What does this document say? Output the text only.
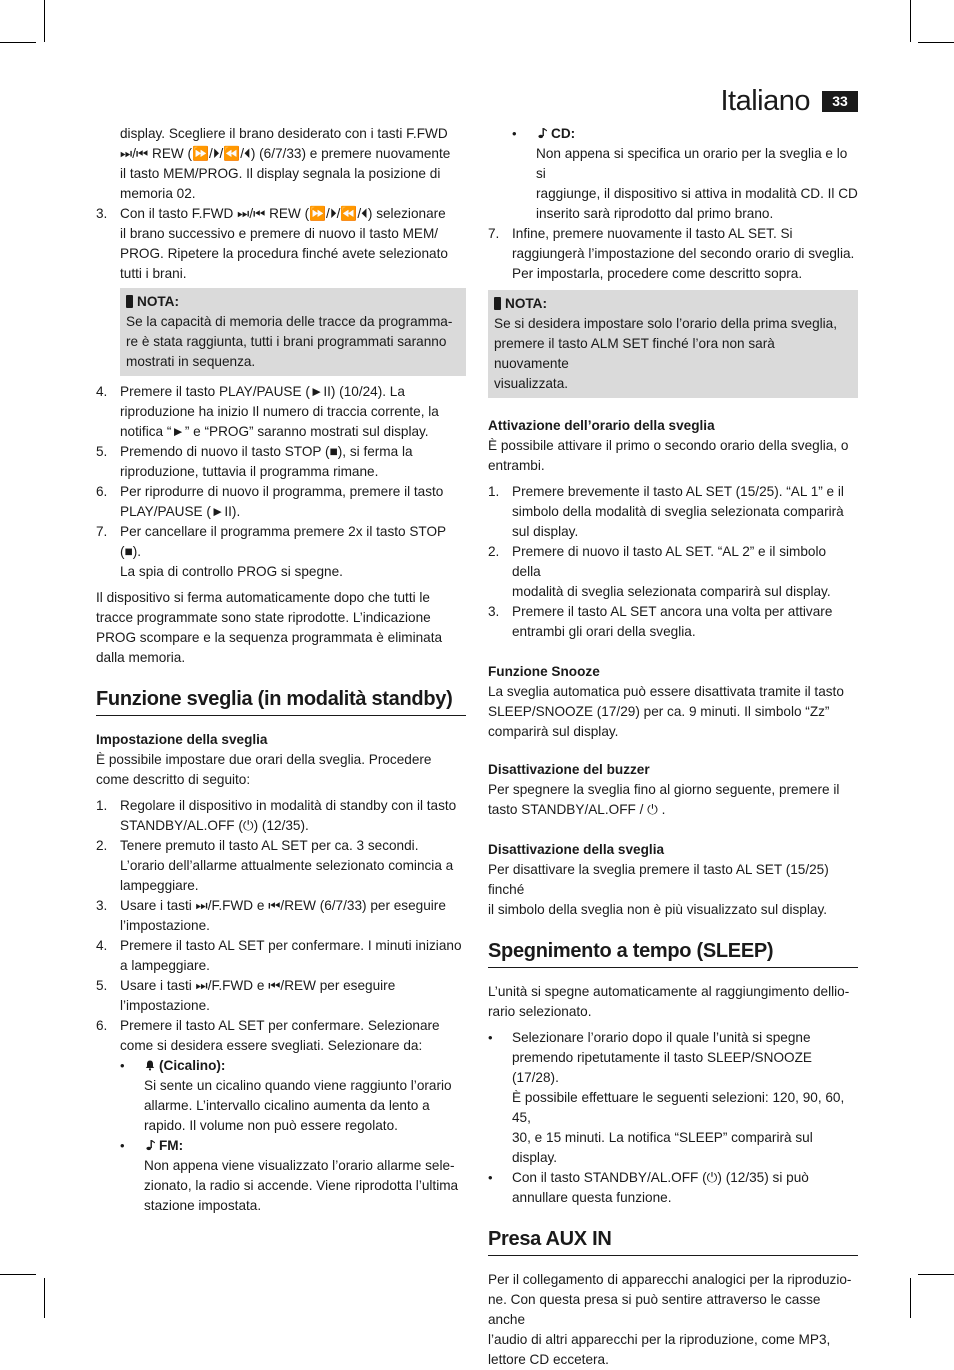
Italiano	33
display. Scegliere il brano desiderato con i tasti F.FWD
⏭/⏮ REW (⏩/⏵/⏪/⏴) (6/7/33) e premere nuovamente
il tasto MEM/PROG. Il display segnala la posizione di
memoria 02.
3. Con il tasto F.FWD ⏭/⏮ REW (⏩/⏵/⏪/⏴) selezionare
il brano successivo e premere di nuovo il tasto MEM/
PROG. Ripetere la procedura finché avete selezionato
tutti i brani.
NOTA:
Se la capacità di memoria delle tracce da programma-
re è stata raggiunta, tutti i brani programmati saranno
mostrati in sequenza.
4. Premere il tasto PLAY/PAUSE (►II) (10/24). La
riproduzione ha inizio Il numero di traccia corrente, la
notifica “►” e “PROG” saranno mostrati sul display.
5. Premendo di nuovo il tasto STOP (■), si ferma la
riproduzione, tuttavia il programma rimane.
6. Per riprodurre di nuovo il programma, premere il tasto
PLAY/PAUSE (►II).
7. Per cancellare il programma premere 2x il tasto STOP (■).
La spia di controllo PROG si spegne.
Il dispositivo si ferma automaticamente dopo che tutti le
tracce programmate sono state riprodotte. L’indicazione
PROG scompare e la sequenza programmata è eliminata
dalla memoria.
Funzione sveglia (in modalità standby)
Impostazione della sveglia
È possibile impostare due orari della sveglia. Procedere
come descritto di seguito:
1. Regolare il dispositivo in modalità di standby con il tasto
STANDBY/AL.OFF (⏻) (12/35).
2. Tenere premuto il tasto AL SET per ca. 3 secondi.
L’orario dell’allarme attualmente selezionato comincia a
lampeggiare.
3. Usare i tasti ⏭/F.FWD e ⏮/REW (6/7/33) per eseguire
l’impostazione.
4. Premere il tasto AL SET per confermare. I minuti iniziano
a lampeggiare.
5. Usare i tasti ⏭/F.FWD e ⏮/REW per eseguire
l’impostazione.
6. Premere il tasto AL SET per confermare. Selezionare
come si desidera essere svegliati. Selezionare da:
•	(Cicalino):
Si sente un cicalino quando viene raggiunto l’orario
allarme. L’intervallo cicalino aumenta da lento a
rapido. Il volume non può essere regolato.
•	FM:
Non appena viene visualizzato l’orario allarme sele-
zionato, la radio si accende. Viene riprodotta l’ultima
stazione impostata.
•	CD:
Non appena si specifica un orario per la sveglia e lo si
raggiunge, il dispositivo si attiva in modalità CD. Il CD
inserito sarà riprodotto dal primo brano.
7. Infine, premere nuovamente il tasto AL SET. Si
raggiungerà l’impostazione del secondo orario di sveglia.
Per impostarla, procedere come descritto sopra.
NOTA:
Se si desidera impostare solo l’orario della prima sveglia,
premere il tasto ALM SET finché l’ora non sarà nuovamente
visualizzata.
Attivazione dell’orario della sveglia
È possibile attivare il primo o secondo orario della sveglia, o
entrambi.
1. Premere brevemente il tasto AL SET (15/25). “AL 1” e il
simbolo della modalità di sveglia selezionata comparirà
sul display.
2. Premere di nuovo il tasto AL SET. “AL 2” e il simbolo della
modalità di sveglia selezionata comparirà sul display.
3. Premere il tasto AL SET ancora una volta per attivare
entrambi gli orari della sveglia.
Funzione Snooze
La sveglia automatica può essere disattivata tramite il tasto
SLEEP/SNOOZE (17/29) per ca. 9 minuti. Il simbolo “Zz”
comparirà sul display.
Disattivazione del buzzer
Per spegnere la sveglia fino al giorno seguente, premere il
tasto STANDBY/AL.OFF / ⏻ .
Disattivazione della sveglia
Per disattivare la sveglia premere il tasto AL SET (15/25) finché
il simbolo della sveglia non è più visualizzato sul display.
Spegnimento a tempo (SLEEP)
L’unità si spegne automaticamente al raggiungimento dellio-
rario selezionato.
• Selezionare l’orario dopo il quale l’unità si spegne
premendo ripetutamente il tasto SLEEP/SNOOZE (17/28).
È possibile effettuare le seguenti selezioni: 120, 90, 60, 45,
30, e 15 minuti. La notifica “SLEEP” comparirà sul display.
• Con il tasto STANDBY/AL.OFF (⏻) (12/35) si può
annullare questa funzione.
Presa AUX IN
Per il collegamento di apparecchi analogici per la riproduzio-
ne. Con questa presa si può sentire attraverso le casse anche
l’audio di altri apparecchi per la riproduzione, come MP3,
lettore CD eccetera.
